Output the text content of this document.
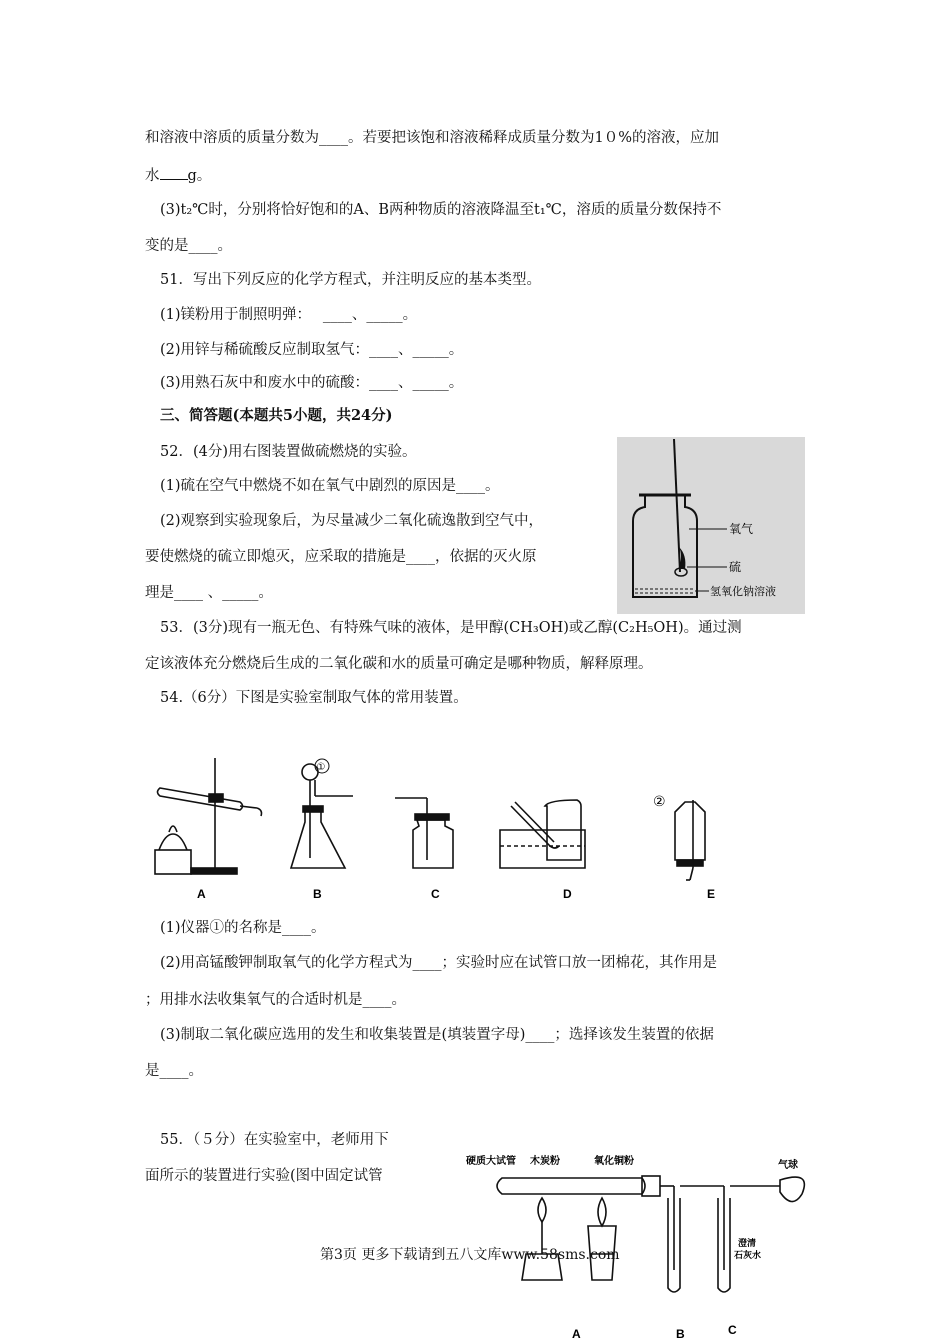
和溶液中溶质的质量分数为____。若要把该饱和溶液稀释成质量分数为1０%的溶液，应加
水 g。
(3)t₂℃时，分别将恰好饱和的A、B两种物质的溶液降温至t₁℃，溶质的质量分数保持不
变的是____。
51．写出下列反应的化学方程式，并注明反应的基本类型。
(1)镁粉用于制照明弹：　 ____、_____。
(2)用锌与稀硫酸反应制取氢气：____、_____。
(3)用熟石灰中和废水中的硫酸：____、_____。
三、简答题(本题共5小题，共24分)
52．(4分)用右图装置做硫燃烧的实验。
(1)硫在空气中燃烧不如在氧气中剧烈的原因是____。
(2)观察到实验现象后，为尽量减少二氧化硫逸散到空气中，
要使燃烧的硫立即熄灭，应采取的措施是____，依据的灭火原
理是____ 、_____。
53．(3分)现有一瓶无色、有特殊气味的液体，是甲醇(CH₃OH)或乙醇(C₂H₅OH)。通过测
定该液体充分燃烧后生成的二氧化碳和水的质量可确定是哪种物质，解释原理。
54.（6分）下图是实验室制取气体的常用装置。
(1)仪器①的名称是____。
(2)用高锰酸钾制取氧气的化学方程式为____；实验时应在试管口放一团棉花，其作用是
；用排水法收集氧气的合适时机是____。
(3)制取二氧化碳应选用的发生和收集装置是(填装置字母)____；选择该发生装置的依据
是____。
55．（５分）在实验室中，老师用下
面所示的装置进行实验(图中固定试管
氧气
硫
氢氧化钠溶液
①
②
A	B	C	D	E
硬质大试管 木炭粉	氧化铜粉	气球
澄清
石灰水
A	B	C
第3页 更多下载请到五八文库www.58sms.com
